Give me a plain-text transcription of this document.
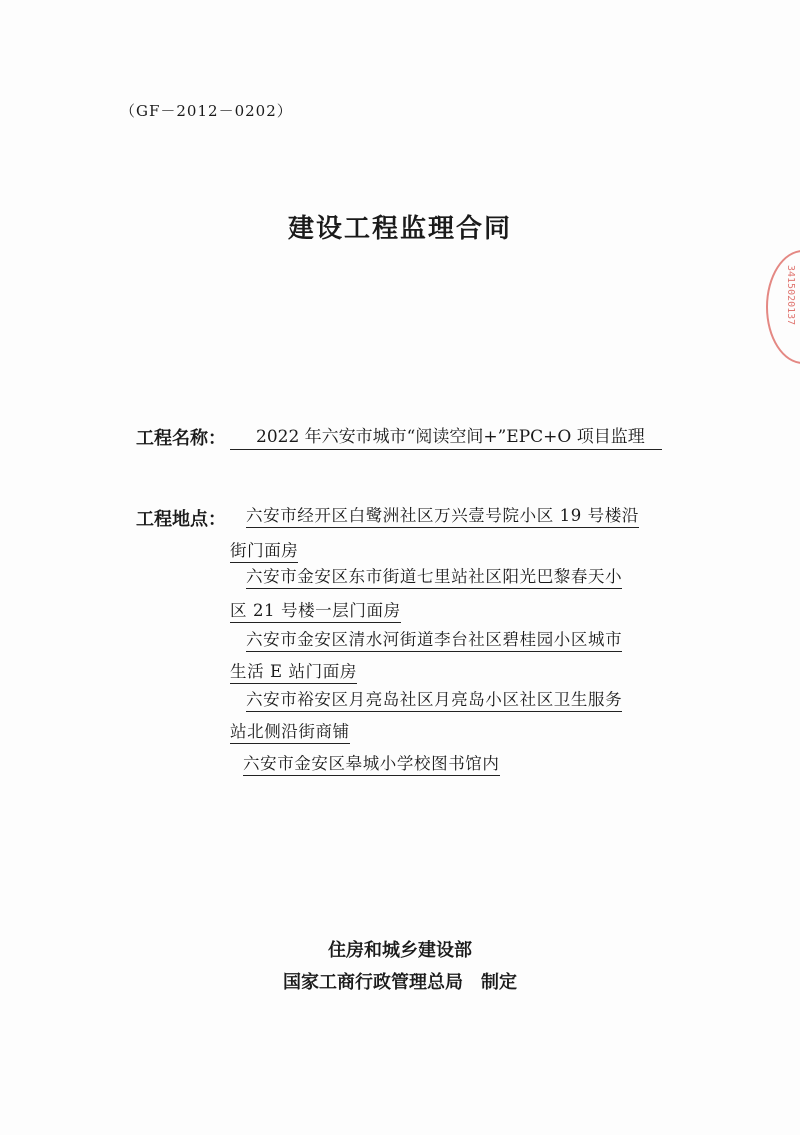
（GF－2012－0202）
建设工程监理合同
工程名称：	2022 年六安市城市“阅读空间+”EPC+O 项目监理
工程地点： 六安市经开区白鹭洲社区万兴壹号院小区 19 号楼沿
街门面房
六安市金安区东市街道七里站社区阳光巴黎春天小
区 21 号楼一层门面房
六安市金安区清水河街道李台社区碧桂园小区城市
生活 E 站门面房
六安市裕安区月亮岛社区月亮岛小区社区卫生服务
站北侧沿街商铺
六安市金安区皋城小学校图书馆内
住房和城乡建设部
国家工商行政管理总局　制定
3415020137
